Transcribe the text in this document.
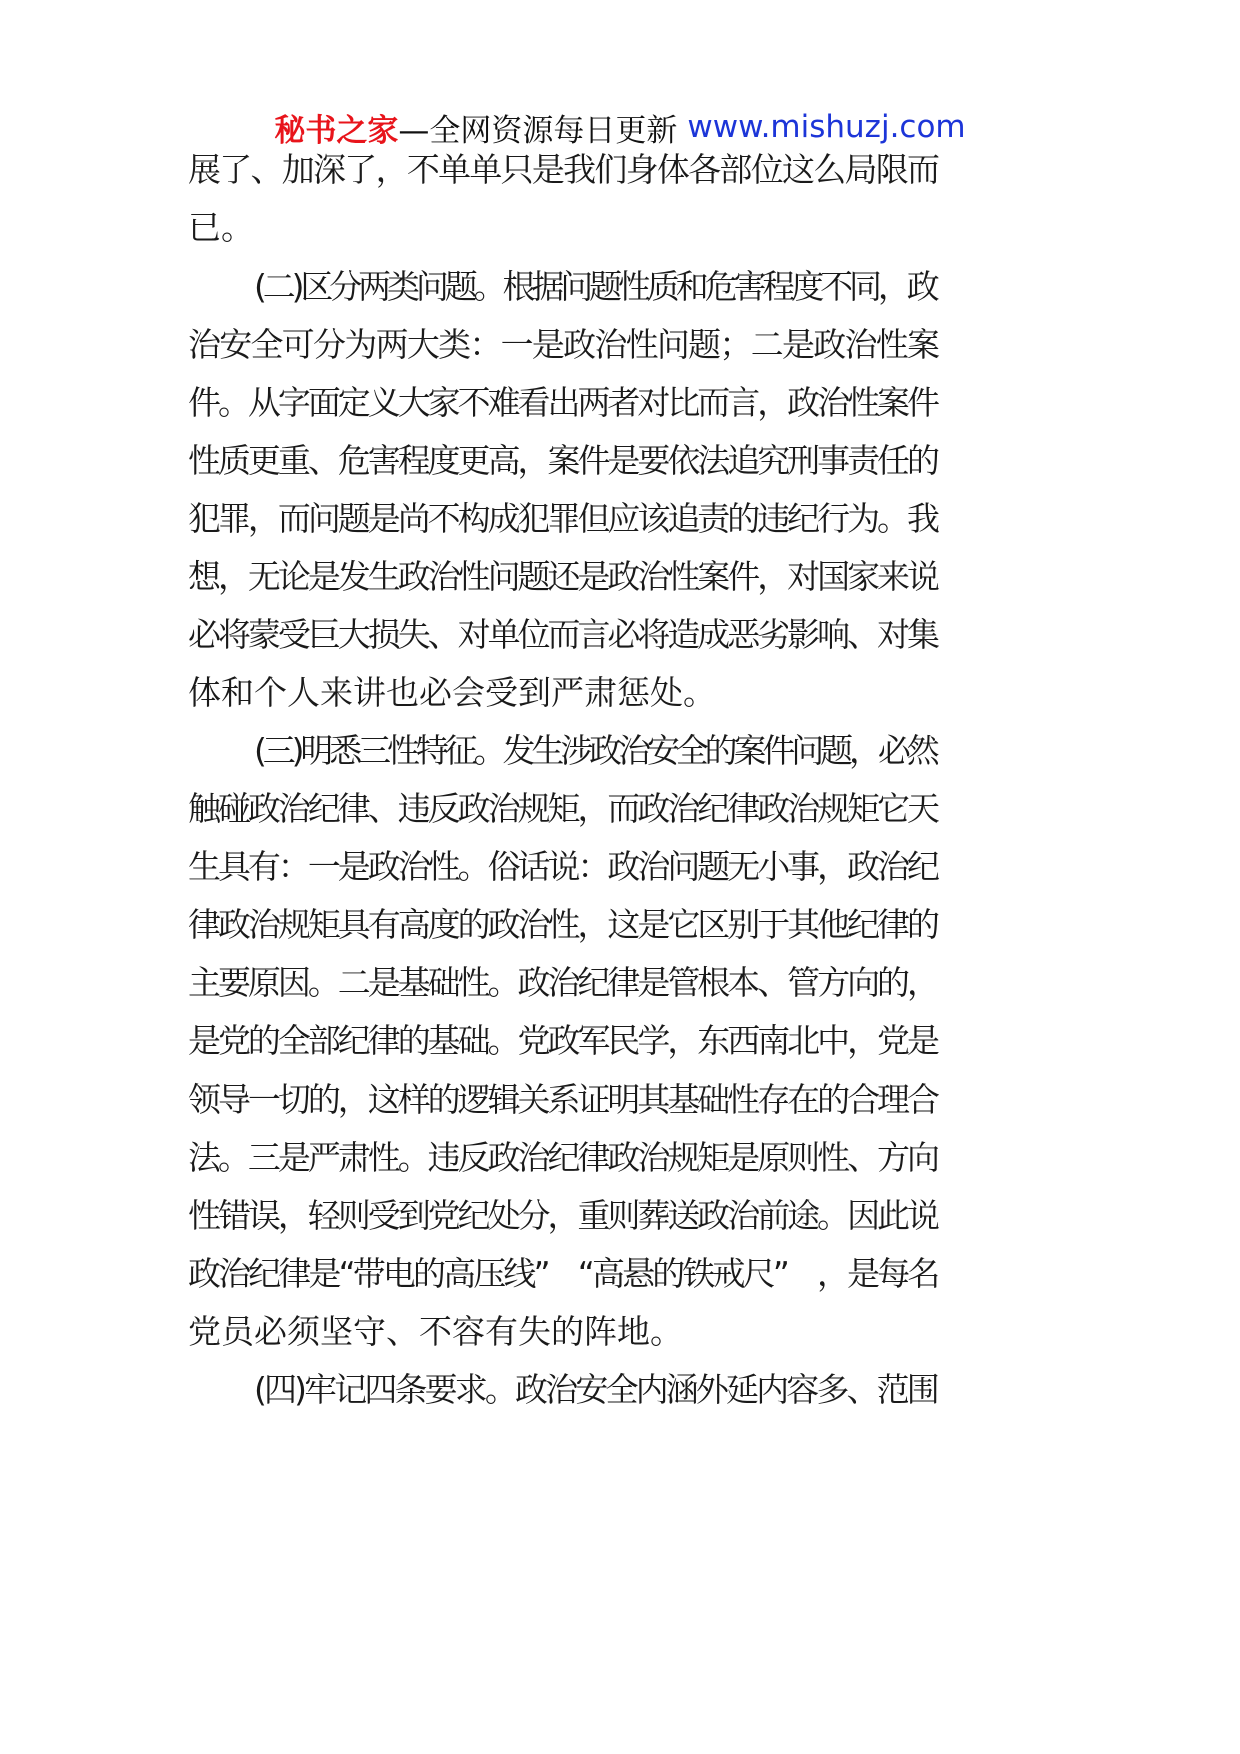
秘书之家 —全网资源每日更新 www.mishuzj.com
展了、加深了，不单单只是我们身体各部位这么局限而
已。
(二)区分两类问题。根据问题性质和危害程度不同，政
治安全可分为两大类：一是政治性问题；二是政治性案
件。从字面定义大家不难看出两者对比而言，政治性案件
性质更重、危害程度更高，案件是要依法追究刑事责任的
犯罪，而问题是尚不构成犯罪但应该追责的违纪行为。我
想，无论是发生政治性问题还是政治性案件，对国家来说
必将蒙受巨大损失、对单位而言必将造成恶劣影响、对集
体和个人来讲也必会受到严肃惩处。
(三)明悉三性特征。发生涉政治安全的案件问题，必然
触碰政治纪律、违反政治规矩，而政治纪律政治规矩它天
生具有：一是政治性。俗话说：政治问题无小事，政治纪
律政治规矩具有高度的政治性，这是它区别于其他纪律的
主要原因。二是基础性。政治纪律是管根本、管方向的，
是党的全部纪律的基础。党政军民学，东西南北中，党是
领导一切的，这样的逻辑关系证明其基础性存在的合理合
法。三是严肃性。违反政治纪律政治规矩是原则性、方向
性错误，轻则受到党纪处分，重则葬送政治前途。因此说
政治纪律是“带电的高压线”　“高悬的铁戒尺”　，是每名
党员必须坚守、不容有失的阵地。
(四)牢记四条要求。政治安全内涵外延内容多、范围
